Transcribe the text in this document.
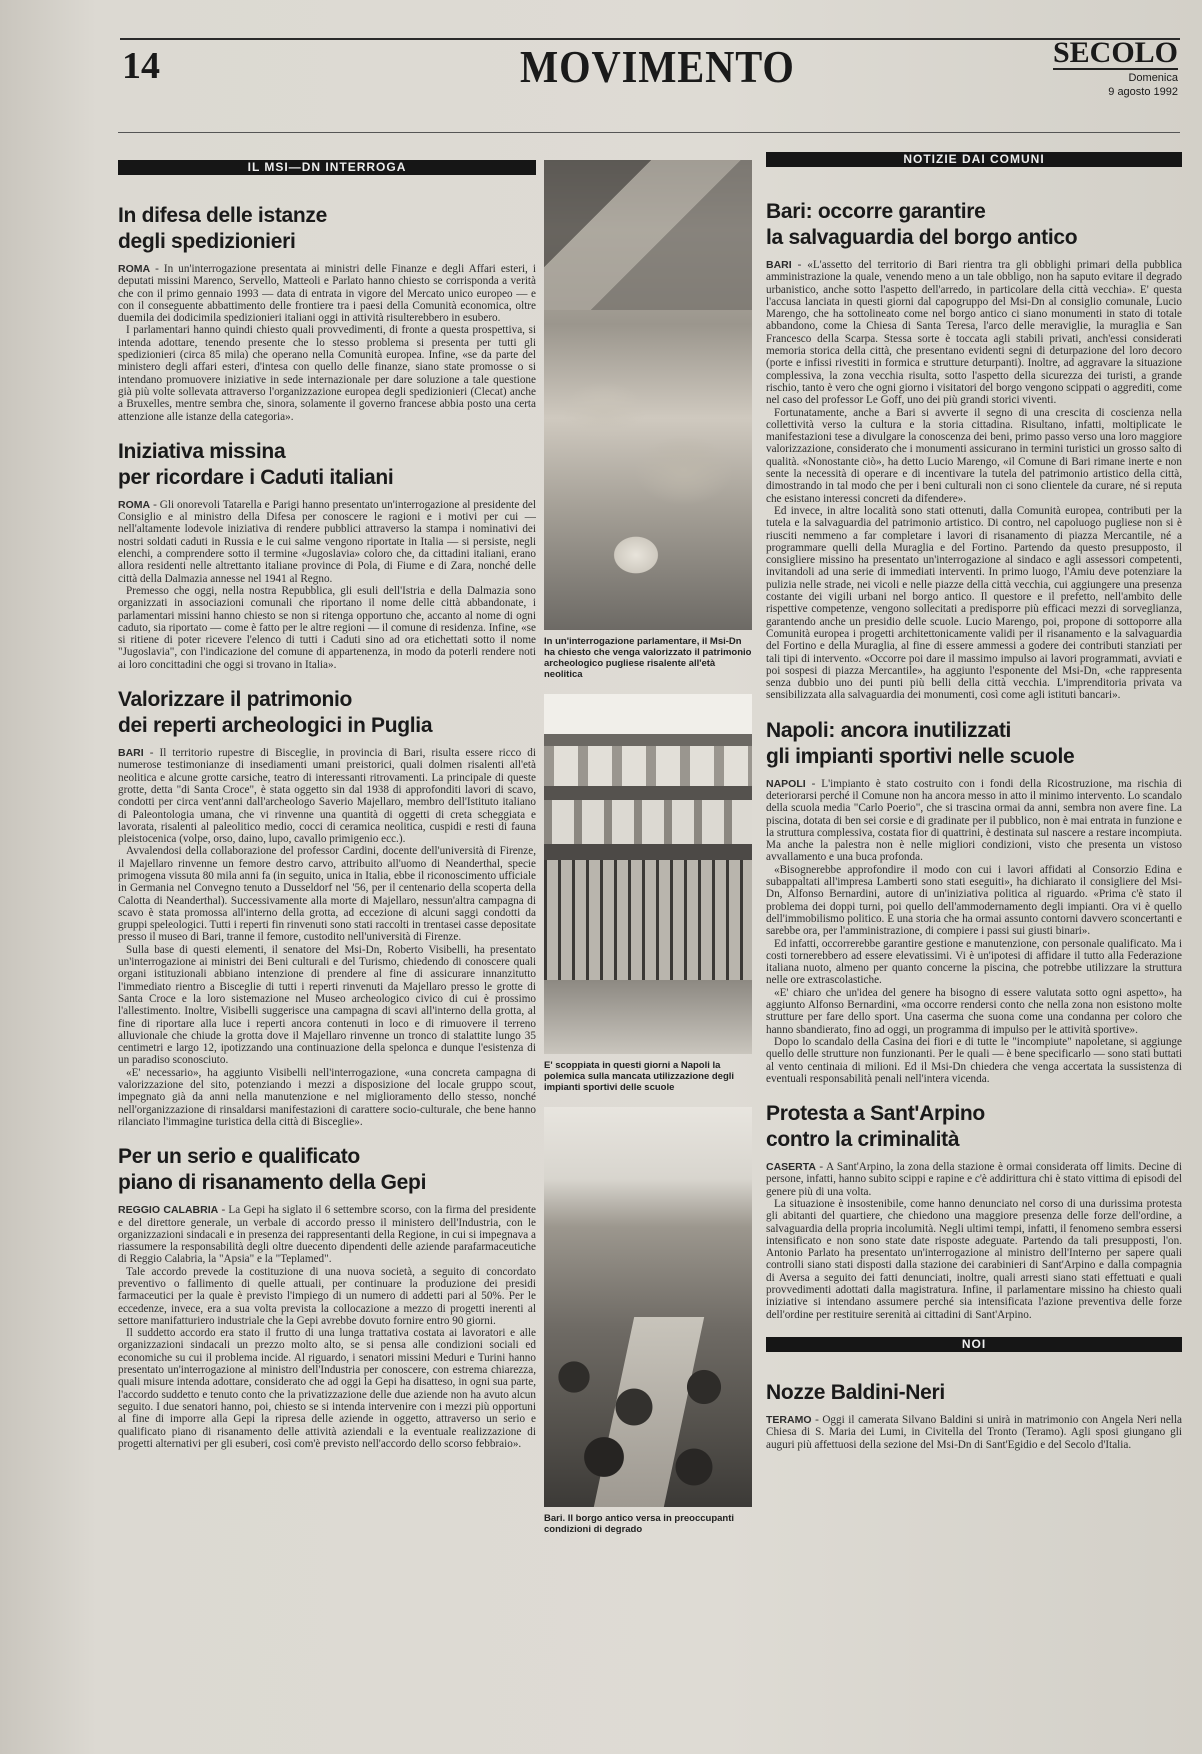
14	MOVIMENTO	SECOLO
Domenica
9 agosto 1992
IL MSI—DN INTERROGA
In difesa delle istanze
degli spedizionieri

ROMA - In un'interrogazione presentata ai ministri delle Finanze e degli Affari esteri, i deputati missini Marenco, Servello, Matteoli e Parlato hanno chiesto se corrisponda a verità che con il primo gennaio 1993 — data di entrata in vigore del Mercato unico europeo — e con il conseguente abbattimento delle frontiere tra i paesi della Comunità economica, oltre duemila dei dodicimila spedizionieri italiani oggi in attività risulterebbero in esubero.

I parlamentari hanno quindi chiesto quali provvedimenti, di fronte a questa prospettiva, si intenda adottare, tenendo presente che lo stesso problema si presenta per tutti gli spedizionieri (circa 85 mila) che operano nella Comunità europea. Infine, «se da parte del ministero degli affari esteri, d'intesa con quello delle finanze, siano state promosse o si intendano promuovere iniziative in sede internazionale per dare soluzione a tale questione già più volte sollevata attraverso l'organizzazione europea degli spedizionieri (Clecat) anche a Bruxelles, mentre sembra che, sinora, solamente il governo francese abbia posto una certa attenzione alle istanze della categoria».

Iniziativa missina
per ricordare i Caduti italiani

ROMA - Gli onorevoli Tatarella e Parigi hanno presentato un'interrogazione al presidente del Consiglio e al ministro della Difesa per conoscere le ragioni e i motivi per cui — nell'altamente lodevole iniziativa di rendere pubblici attraverso la stampa i nominativi dei nostri soldati caduti in Russia e le cui salme vengono riportate in Italia — si persiste, negli elenchi, a comprendere sotto il termine «Jugoslavia» coloro che, da cittadini italiani, erano allora residenti nelle altrettanto italiane province di Pola, di Fiume e di Zara, nonché delle città della Dalmazia annesse nel 1941 al Regno.

Premesso che oggi, nella nostra Repubblica, gli esuli dell'Istria e della Dalmazia sono organizzati in associazioni comunali che riportano il nome delle città abbandonate, i parlamentari missini hanno chiesto se non si ritenga opportuno che, accanto al nome di ogni caduto, sia riportato — come è fatto per le altre regioni — il comune di residenza. Infine, «se si ritiene di poter ricevere l'elenco di tutti i Caduti sino ad ora etichettati sotto il nome "Jugoslavia", con l'indicazione del comune di appartenenza, in modo da poterli rendere noti ai loro concittadini che oggi si trovano in Italia».

Valorizzare il patrimonio
dei reperti archeologici in Puglia

BARI - Il territorio rupestre di Bisceglie, in provincia di Bari, risulta essere ricco di numerose testimonianze di insediamenti umani preistorici, quali dolmen risalenti all'età neolitica e alcune grotte carsiche, teatro di interessanti ritrovamenti. La principale di queste grotte, detta "di Santa Croce", è stata oggetto sin dal 1938 di approfonditi lavori di scavo, condotti per circa vent'anni dall'archeologo Saverio Majellaro, membro dell'Istituto italiano di Paleontologia umana, che vi rinvenne una quantità di oggetti di creta scheggiata e lavorata, risalenti al paleolitico medio, cocci di ceramica neolitica, cuspidi e resti di fauna pleistocenica (volpe, orso, daino, lupo, cavallo primigenio ecc.).

Avvalendosi della collaborazione del professor Cardini, docente dell'università di Firenze, il Majellaro rinvenne un femore destro carvo, attribuito all'uomo di Neanderthal, specie primogena vissuta 80 mila anni fa (in seguito, unica in Italia, ebbe il riconoscimento ufficiale in Germania nel Convegno tenuto a Dusseldorf nel '56, per il centenario della scoperta della Calotta di Neanderthal). Successivamente alla morte di Majellaro, nessun'altra campagna di scavo è stata promossa all'interno della grotta, ad eccezione di alcuni saggi condotti da gruppi speleologici. Tutti i reperti fin rinvenuti sono stati raccolti in trentasei casse depositate presso il museo di Bari, tranne il femore, custodito nell'università di Firenze.

Sulla base di questi elementi, il senatore del Msi-Dn, Roberto Visibelli, ha presentato un'interrogazione ai ministri dei Beni culturali e del Turismo, chiedendo di conoscere quali organi istituzionali abbiano intenzione di prendere al fine di assicurare innanzitutto l'immediato rientro a Bisceglie di tutti i reperti rinvenuti da Majellaro presso le grotte di Santa Croce e la loro sistemazione nel Museo archeologico civico di cui è prossimo l'allestimento. Inoltre, Visibelli suggerisce una campagna di scavi all'interno della grotta, al fine di riportare alla luce i reperti ancora contenuti in loco e di rimuovere il terreno alluvionale che chiude la grotta dove il Majellaro rinvenne un tronco di stalattite lungo 35 centimetri e largo 12, ipotizzando una continuazione della spelonca e dunque l'esistenza di un paradiso sconosciuto.

«E' necessario», ha aggiunto Visibelli nell'interrogazione, «una concreta campagna di valorizzazione del sito, potenziando i mezzi a disposizione del locale gruppo scout, impegnato già da anni nella manutenzione e nel miglioramento dello stesso, nonché nell'organizzazione di rinsaldarsi manifestazioni di carattere socio-culturale, che bene hanno rilanciato l'immagine turistica della città di Bisceglie».

Per un serio e qualificato
piano di risanamento della Gepi

REGGIO CALABRIA - La Gepi ha siglato il 6 settembre scorso, con la firma del presidente e del direttore generale, un verbale di accordo presso il ministero dell'Industria, con le organizzazioni sindacali e in presenza dei rappresentanti della Regione, in cui si impegnava a riassumere la responsabilità degli oltre duecento dipendenti delle aziende parafarmaceutiche di Reggio Calabria, la "Apsia" e la "Teplamed".

Tale accordo prevede la costituzione di una nuova società, a seguito di concordato preventivo o fallimento di quelle attuali, per continuare la produzione dei presidi farmaceutici per la quale è previsto l'impiego di un numero di addetti pari al 50%. Per le eccedenze, invece, era a sua volta prevista la collocazione a mezzo di progetti inerenti al settore manifatturiero industriale che la Gepi avrebbe dovuto fornire entro 90 giorni.

Il suddetto accordo era stato il frutto di una lunga trattativa costata ai lavoratori e alle organizzazioni sindacali un prezzo molto alto, se si pensa alle condizioni sociali ed economiche su cui il problema incide. Al riguardo, i senatori missini Meduri e Turini hanno presentato un'interrogazione al ministro dell'Industria per conoscere, con estrema chiarezza, quali misure intenda adottare, considerato che ad oggi la Gepi ha disatteso, in ogni sua parte, l'accordo suddetto e tenuto conto che la privatizzazione delle due aziende non ha avuto alcun seguito. I due senatori hanno, poi, chiesto se si intenda intervenire con i mezzi più opportuni al fine di imporre alla Gepi la ripresa delle aziende in oggetto, attraverso un serio e qualificato piano di risanamento delle attività aziendali e la eventuale realizzazione di progetti alternativi per gli esuberi, così com'è previsto nell'accordo dello scorso febbraio».

In un'interrogazione parlamentare, il Msi-Dn ha chiesto che venga valorizzato il patrimonio archeologico pugliese risalente all'età neolitica
E' scoppiata in questi giorni a Napoli la polemica sulla mancata utilizzazione degli impianti sportivi delle scuole
Bari. Il borgo antico versa in preoccupanti condizioni di degrado
NOTIZIE DAI COMUNI
Bari: occorre garantire
la salvaguardia del borgo antico

BARI - «L'assetto del territorio di Bari rientra tra gli obblighi primari della pubblica amministrazione la quale, venendo meno a un tale obbligo, non ha saputo evitare il degrado urbanistico, anche sotto l'aspetto dell'arredo, in particolare della città vecchia». E' questa l'accusa lanciata in questi giorni dal capogruppo del Msi-Dn al consiglio comunale, Lucio Marengo, che ha sottolineato come nel borgo antico ci siano monumenti in stato di totale abbandono, come la Chiesa di Santa Teresa, l'arco delle meraviglie, la muraglia e San Francesco della Scarpa. Stessa sorte è toccata agli stabili privati, anch'essi considerati memoria storica della città, che presentano evidenti segni di deturpazione del loro decoro (porte e infissi rivestiti in formica e strutture deturpanti). Inoltre, ad aggravare la situazione complessiva, la zona vecchia risulta, sotto l'aspetto della sicurezza dei turisti, a grande rischio, tanto è vero che ogni giorno i visitatori del borgo vengono scippati o aggrediti, come nel caso del professor Le Goff, uno dei più grandi storici viventi.

Fortunatamente, anche a Bari si avverte il segno di una crescita di coscienza nella collettività verso la cultura e la storia cittadina. Risultano, infatti, moltiplicate le manifestazioni tese a divulgare la conoscenza dei beni, primo passo verso una loro maggiore valorizzazione, considerato che i monumenti assicurano in termini turistici un grosso salto di qualità. «Nonostante ciò», ha detto Lucio Marengo, «il Comune di Bari rimane inerte e non sente la necessità di operare e di incentivare la tutela del patrimonio artistico della città, dimostrando in tal modo che per i beni culturali non ci sono clientele da curare, né si reputa che esistano interessi concreti da difendere».

Ed invece, in altre località sono stati ottenuti, dalla Comunità europea, contributi per la tutela e la salvaguardia del patrimonio artistico. Di contro, nel capoluogo pugliese non si è riusciti nemmeno a far completare i lavori di risanamento di piazza Mercantile, né a programmare quelli della Muraglia e del Fortino. Partendo da questo presupposto, il consigliere missino ha presentato un'interrogazione al sindaco e agli assessori competenti, invitandoli ad una serie di immediati interventi. In primo luogo, l'Amiu deve potenziare la pulizia nelle strade, nei vicoli e nelle piazze della città vecchia, cui aggiungere una presenza costante dei vigili urbani nel borgo antico. Il questore e il prefetto, nell'ambito delle rispettive competenze, vengono sollecitati a predisporre più efficaci mezzi di sorveglianza, garantendo anche un presidio delle scuole. Lucio Marengo, poi, propone di sottoporre alla Comunità europea i progetti architettonicamente validi per il risanamento e la salvaguardia del Fortino e della Muraglia, al fine di essere ammessi a godere dei contributi stanziati per tali tipi di intervento. «Occorre poi dare il massimo impulso ai lavori programmati, avviati e poi sospesi di piazza Mercantile», ha aggiunto l'esponente del Msi-Dn, «che rappresenta senza dubbio uno dei punti più belli della città vecchia. L'imprenditoria privata va sensibilizzata alla salvaguardia dei monumenti, così come agli istituti bancari».

Napoli: ancora inutilizzati
gli impianti sportivi nelle scuole

NAPOLI - L'impianto è stato costruito con i fondi della Ricostruzione, ma rischia di deteriorarsi perché il Comune non ha ancora messo in atto il minimo intervento. Lo scandalo della scuola media "Carlo Poerio", che si trascina ormai da anni, sembra non avere fine. La piscina, dotata di ben sei corsie e di gradinate per il pubblico, non è mai entrata in funzione e la struttura complessiva, costata fior di quattrini, è destinata sul nascere a restare incompiuta. Ma anche la palestra non è nelle migliori condizioni, visto che presenta un vistoso avvallamento e una buca profonda.

«Bisognerebbe approfondire il modo con cui i lavori affidati al Consorzio Edina e subappaltati all'impresa Lamberti sono stati eseguiti», ha dichiarato il consigliere del Msi-Dn, Alfonso Bernardini, autore di un'iniziativa politica al riguardo. «Prima c'è stato il problema dei doppi turni, poi quello dell'ammodernamento degli impianti. Ora vi è quello dell'immobilismo politico. E una storia che ha ormai assunto contorni davvero sconcertanti e sarebbe ora, per l'amministrazione, di compiere i passi sui giusti binari».

Ed infatti, occorrerebbe garantire gestione e manutenzione, con personale qualificato. Ma i costi tornerebbero ad essere elevatissimi. Vi è un'ipotesi di affidare il tutto alla Federazione italiana nuoto, almeno per quanto concerne la piscina, che potrebbe utilizzare la struttura nelle ore extrascolastiche.

«E' chiaro che un'idea del genere ha bisogno di essere valutata sotto ogni aspetto», ha aggiunto Alfonso Bernardini, «ma occorre rendersi conto che nella zona non esistono molte strutture per fare dello sport. Una caserma che suona come una condanna per coloro che hanno sbandierato, fino ad oggi, un programma di impulso per le attività sportive».

Dopo lo scandalo della Casina dei fiori e di tutte le "incompiute" napoletane, si aggiunge quello delle strutture non funzionanti. Per le quali — è bene specificarlo — sono stati buttati al vento centinaia di milioni. Ed il Msi-Dn chiedera che venga accertata la sussistenza di eventuali responsabilità penali nell'intera vicenda.

Protesta a Sant'Arpino
contro la criminalità

CASERTA - A Sant'Arpino, la zona della stazione è ormai considerata off limits. Decine di persone, infatti, hanno subito scippi e rapine e c'è addirittura chi è stato vittima di episodi del genere più di una volta.

La situazione è insostenibile, come hanno denunciato nel corso di una durissima protesta gli abitanti del quartiere, che chiedono una maggiore presenza delle forze dell'ordine, a salvaguardia della propria incolumità. Negli ultimi tempi, infatti, il fenomeno sembra essersi intensificato e non sono state date risposte adeguate. Partendo da tali presupposti, l'on. Antonio Parlato ha presentato un'interrogazione al ministro dell'Interno per sapere quali controlli siano stati disposti dalla stazione dei carabinieri di Sant'Arpino e dalla compagnia di Aversa a seguito dei fatti denunciati, inoltre, quali arresti siano stati effettuati e quali provvedimenti adottati dalla magistratura. Infine, il parlamentare missino ha chiesto quali iniziative si intendano assumere perché sia intensificata l'azione preventiva delle forze dell'ordine per restituire serenità ai cittadini di Sant'Arpino.

NOI
Nozze Baldini-Neri

TERAMO - Oggi il camerata Silvano Baldini si unirà in matrimonio con Angela Neri nella Chiesa di S. Maria dei Lumi, in Civitella del Tronto (Teramo). Agli sposi giungano gli auguri più affettuosi della sezione del Msi-Dn di Sant'Egidio e del Secolo d'Italia.
